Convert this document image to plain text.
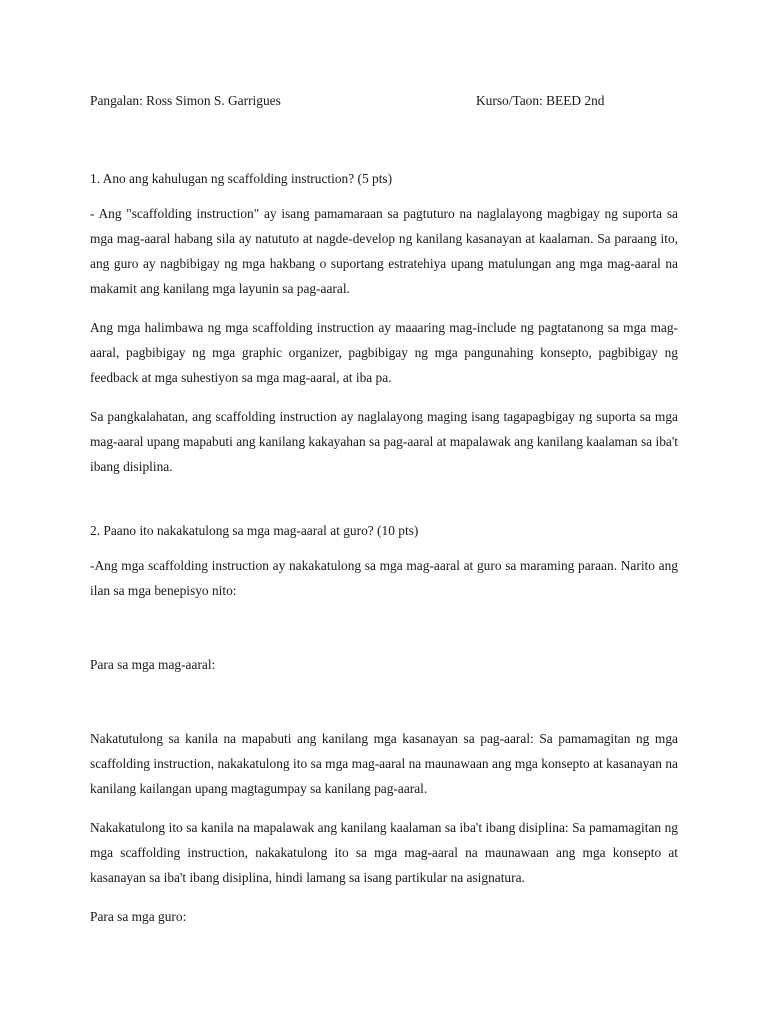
Pangalan: Ross Simon S. Garrigues	Kurso/Taon: BEED 2nd

1. Ano ang kahulugan ng scaffolding instruction? (5 pts)

- Ang "scaffolding instruction" ay isang pamamaraan sa pagtuturo na naglalayong magbigay ng suporta sa mga mag-aaral habang sila ay natututo at nagde-develop ng kanilang kasanayan at kaalaman. Sa paraang ito, ang guro ay nagbibigay ng mga hakbang o suportang estratehiya upang matulungan ang mga mag-aaral na makamit ang kanilang mga layunin sa pag-aaral.

Ang mga halimbawa ng mga scaffolding instruction ay maaaring mag-include ng pagtatanong sa mga mag-aaral, pagbibigay ng mga graphic organizer, pagbibigay ng mga pangunahing konsepto, pagbibigay ng feedback at mga suhestiyon sa mga mag-aaral, at iba pa.

Sa pangkalahatan, ang scaffolding instruction ay naglalayong maging isang tagapagbigay ng suporta sa mga mag-aaral upang mapabuti ang kanilang kakayahan sa pag-aaral at mapalawak ang kanilang kaalaman sa iba't ibang disiplina.

2. Paano ito nakakatulong sa mga mag-aaral at guro? (10 pts)

-Ang mga scaffolding instruction ay nakakatulong sa mga mag-aaral at guro sa maraming paraan. Narito ang ilan sa mga benepisyo nito:

Para sa mga mag-aaral:

Nakatutulong sa kanila na mapabuti ang kanilang mga kasanayan sa pag-aaral: Sa pamamagitan ng mga scaffolding instruction, nakakatulong ito sa mga mag-aaral na maunawaan ang mga konsepto at kasanayan na kanilang kailangan upang magtagumpay sa kanilang pag-aaral.

Nakakatulong ito sa kanila na mapalawak ang kanilang kaalaman sa iba't ibang disiplina: Sa pamamagitan ng mga scaffolding instruction, nakakatulong ito sa mga mag-aaral na maunawaan ang mga konsepto at kasanayan sa iba't ibang disiplina, hindi lamang sa isang partikular na asignatura.

Para sa mga guro:
